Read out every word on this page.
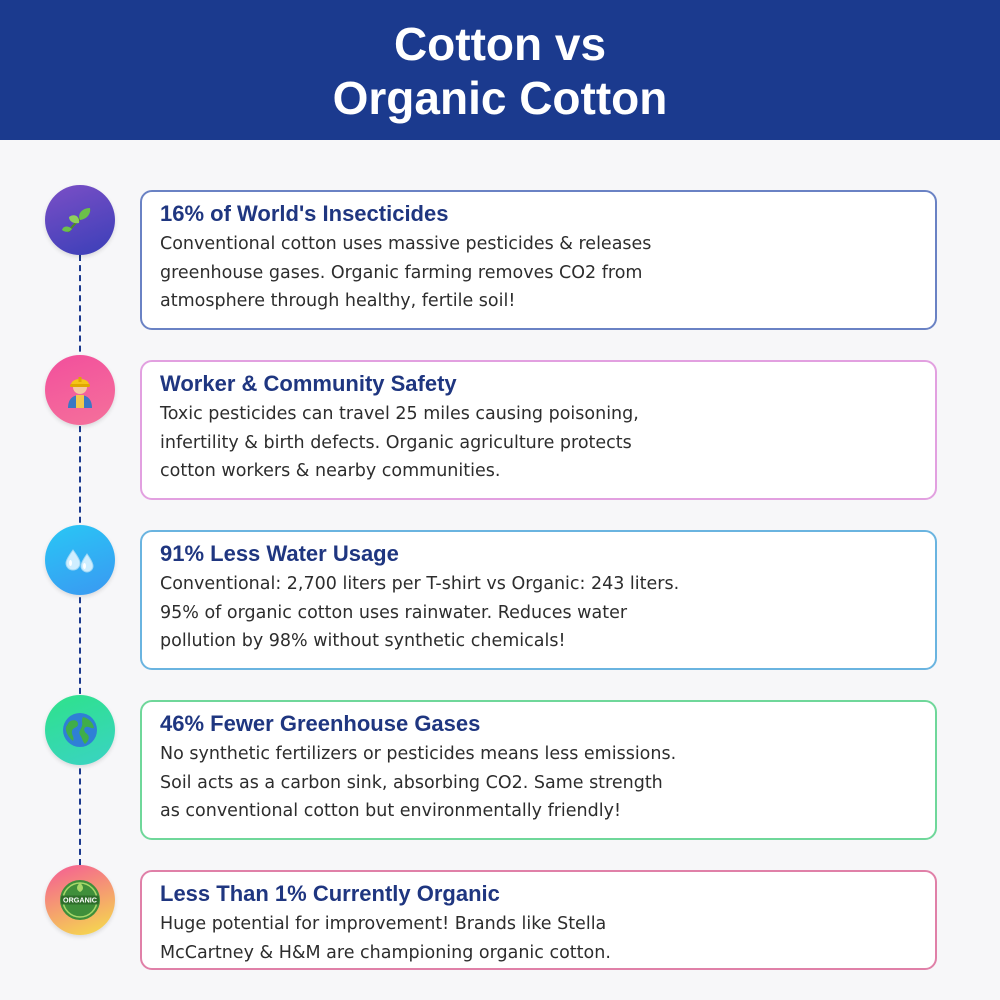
Cotton vs
Organic Cotton
16% of World's Insecticides
Conventional cotton uses massive pesticides & releases
greenhouse gases. Organic farming removes CO2 from
atmosphere through healthy, fertile soil!
Worker & Community Safety
Toxic pesticides can travel 25 miles causing poisoning,
infertility & birth defects. Organic agriculture protects
cotton workers & nearby communities.
91% Less Water Usage
Conventional: 2,700 liters per T-shirt vs Organic: 243 liters.
95% of organic cotton uses rainwater. Reduces water
pollution by 98% without synthetic chemicals!
46% Fewer Greenhouse Gases
No synthetic fertilizers or pesticides means less emissions.
Soil acts as a carbon sink, absorbing CO2. Same strength
as conventional cotton but environmentally friendly!
ORGANIC	Less Than 1% Currently Organic
Huge potential for improvement! Brands like Stella
McCartney & H&M are championing organic cotton.
